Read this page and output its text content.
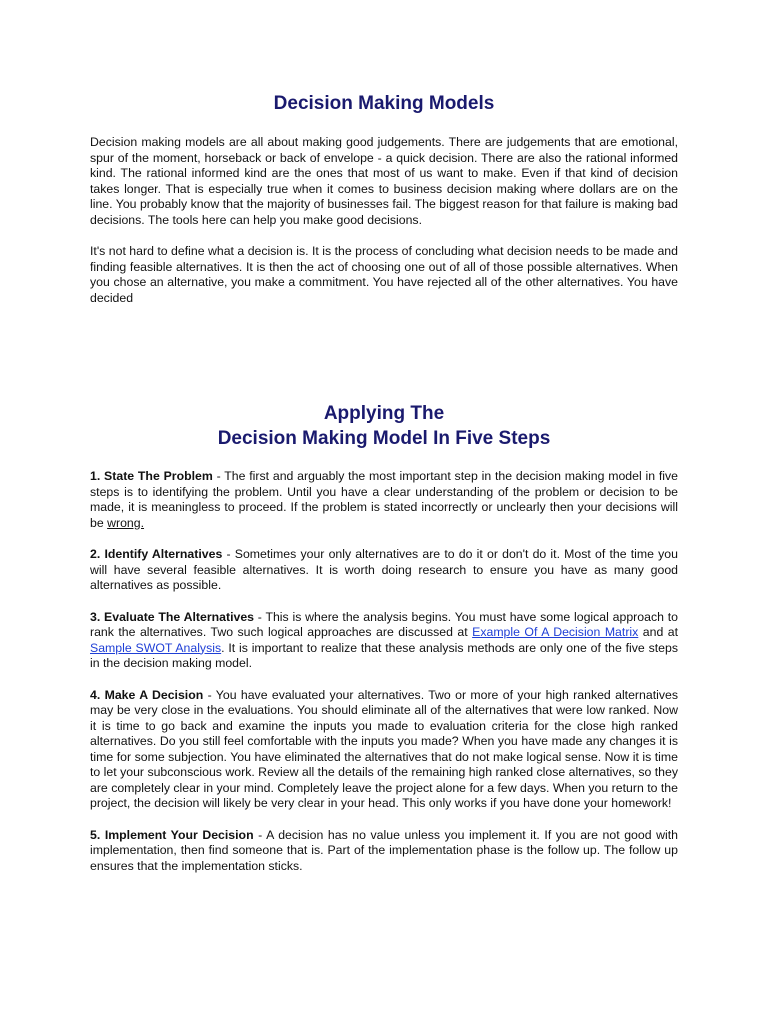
Decision Making Models

Decision making models are all about making good judgements. There are judgements that are emotional, spur of the moment, horseback or back of envelope - a quick decision. There are also the rational informed kind. The rational informed kind are the ones that most of us want to make. Even if that kind of decision takes longer. That is especially true when it comes to business decision making where dollars are on the line. You probably know that the majority of businesses fail. The biggest reason for that failure is making bad decisions. The tools here can help you make good decisions.

It's not hard to define what a decision is. It is the process of concluding what decision needs to be made and finding feasible alternatives. It is then the act of choosing one out of all of those possible alternatives. When you chose an alternative, you make a commitment. You have rejected all of the other alternatives. You have decided

Applying The
Decision Making Model In Five Steps

1. State The Problem - The first and arguably the most important step in the decision making model in five steps is to identifying the problem. Until you have a clear understanding of the problem or decision to be made, it is meaningless to proceed. If the problem is stated incorrectly or unclearly then your decisions will be wrong.

2. Identify Alternatives - Sometimes your only alternatives are to do it or don't do it. Most of the time you will have several feasible alternatives. It is worth doing research to ensure you have as many good alternatives as possible.

3. Evaluate The Alternatives - This is where the analysis begins. You must have some logical approach to rank the alternatives. Two such logical approaches are discussed at Example Of A Decision Matrix and at Sample SWOT Analysis. It is important to realize that these analysis methods are only one of the five steps in the decision making model.

4. Make A Decision - You have evaluated your alternatives. Two or more of your high ranked alternatives may be very close in the evaluations. You should eliminate all of the alternatives that were low ranked. Now it is time to go back and examine the inputs you made to evaluation criteria for the close high ranked alternatives. Do you still feel comfortable with the inputs you made? When you have made any changes it is time for some subjection. You have eliminated the alternatives that do not make logical sense. Now it is time to let your subconscious work. Review all the details of the remaining high ranked close alternatives, so they are completely clear in your mind. Completely leave the project alone for a few days. When you return to the project, the decision will likely be very clear in your head. This only works if you have done your homework!

5. Implement Your Decision - A decision has no value unless you implement it. If you are not good with implementation, then find someone that is. Part of the implementation phase is the follow up. The follow up ensures that the implementation sticks.
